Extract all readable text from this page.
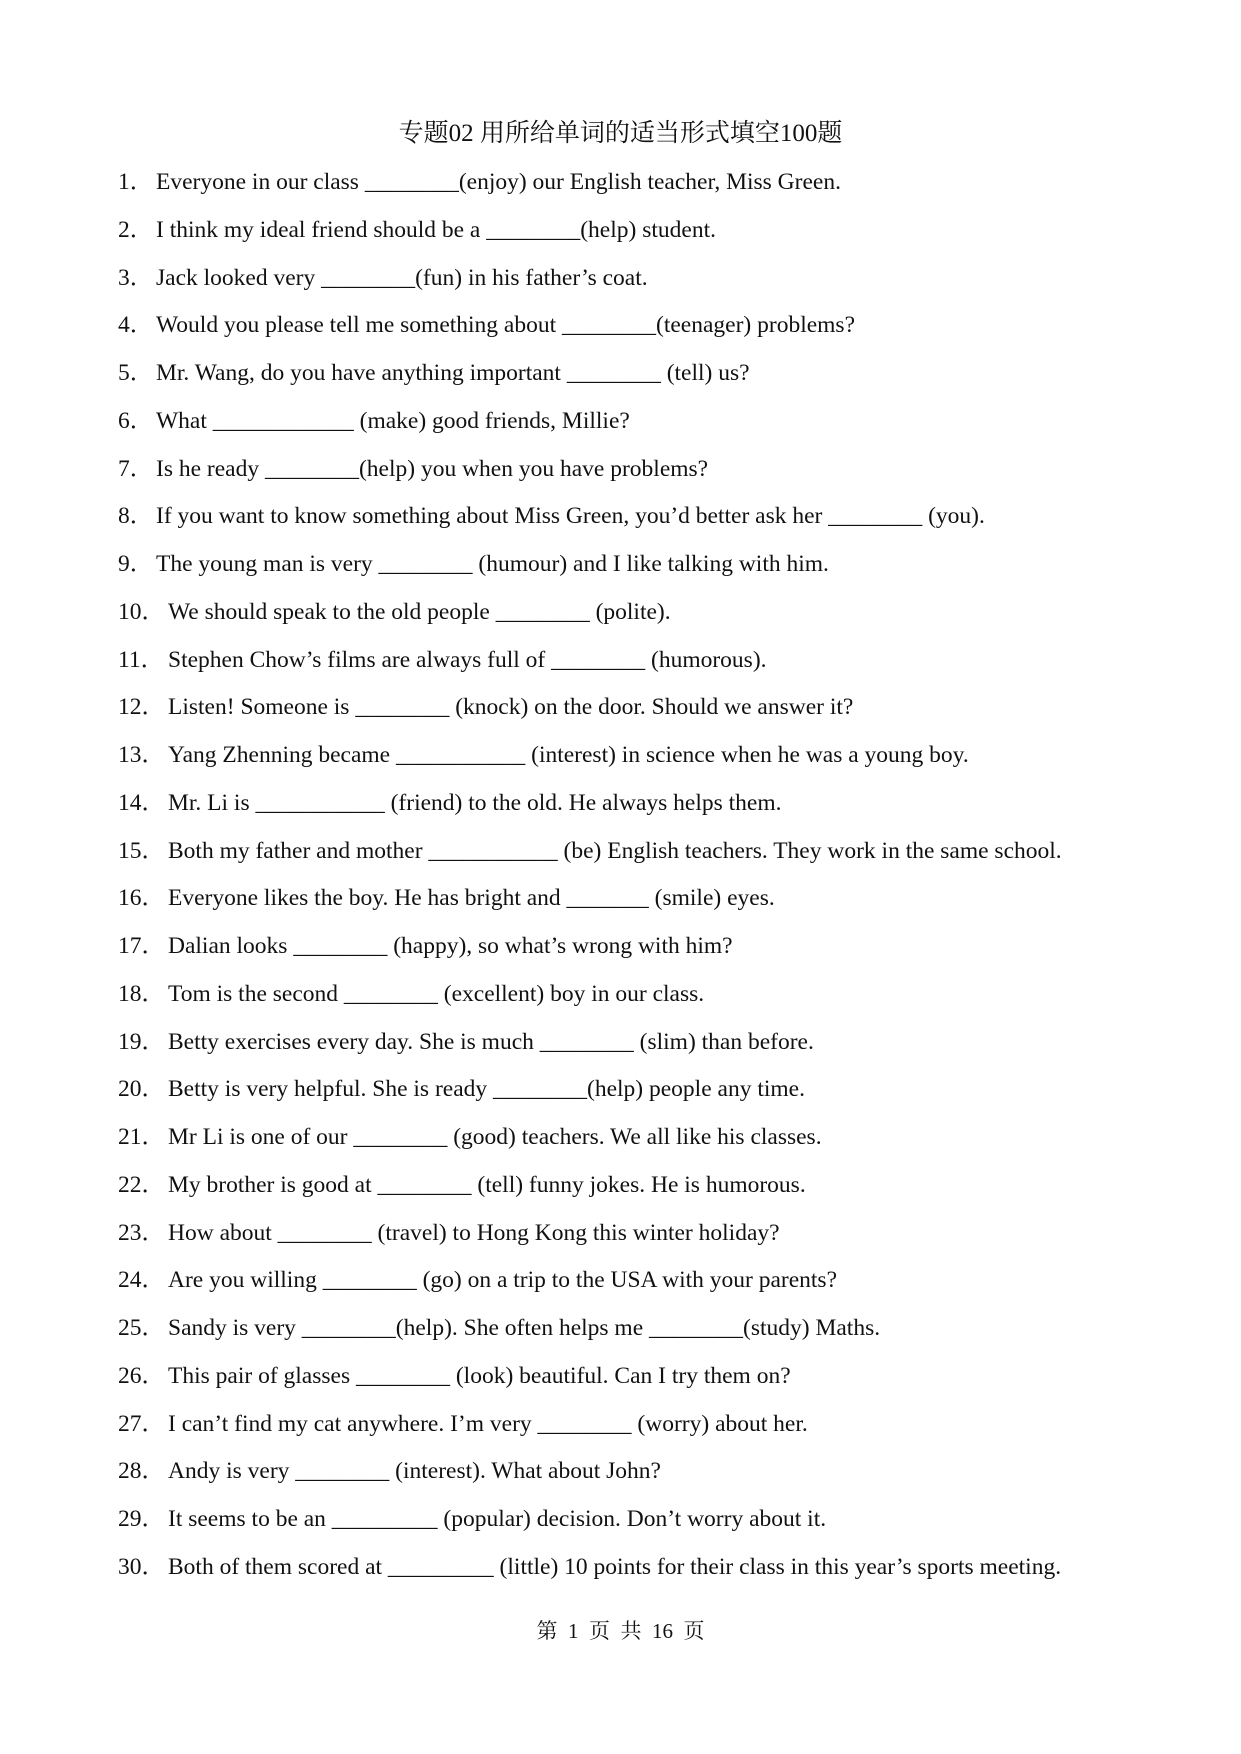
专题02 用所给单词的适当形式填空100题
1． Everyone in our class ________(enjoy) our English teacher, Miss Green.
2． I think my ideal friend should be a ________(help) student.
3． Jack looked very ________(fun) in his father’s coat.
4． Would you please tell me something about ________(teenager) problems?
5． Mr. Wang, do you have anything important ________ (tell) us?
6． What ____________ (make) good friends, Millie?
7． Is he ready ________(help) you when you have problems?
8． If you want to know something about Miss Green, you’d better ask her ________ (you).
9． The young man is very ________ (humour) and I like talking with him.
10． We should speak to the old people ________ (polite).
11． Stephen Chow’s films are always full of ________ (humorous).
12． Listen! Someone is ________ (knock) on the door. Should we answer it?
13． Yang Zhenning became ___________ (interest) in science when he was a young boy.
14． Mr. Li is ___________ (friend) to the old. He always helps them.
15． Both my father and mother ___________ (be) English teachers. They work in the same school.
16． Everyone likes the boy. He has bright and _______ (smile) eyes.
17． Dalian looks ________ (happy), so what’s wrong with him?
18． Tom is the second ________ (excellent) boy in our class.
19． Betty exercises every day. She is much ________ (slim) than before.
20． Betty is very helpful. She is ready ________(help) people any time.
21． Mr Li is one of our ________ (good) teachers. We all like his classes.
22． My brother is good at ________ (tell) funny jokes. He is humorous.
23． How about ________ (travel) to Hong Kong this winter holiday?
24． Are you willing ________ (go) on a trip to the USA with your parents?
25． Sandy is very ________(help). She often helps me ________(study) Maths.
26． This pair of glasses ________ (look) beautiful. Can I try them on?
27． I can’t find my cat anywhere. I’m very ________ (worry) about her.
28． Andy is very ________ (interest). What about John?
29． It seems to be an _________ (popular) decision. Don’t worry about it.
30． Both of them scored at _________ (little) 10 points for their class in this year’s sports meeting.
第  1  页  共  16  页
